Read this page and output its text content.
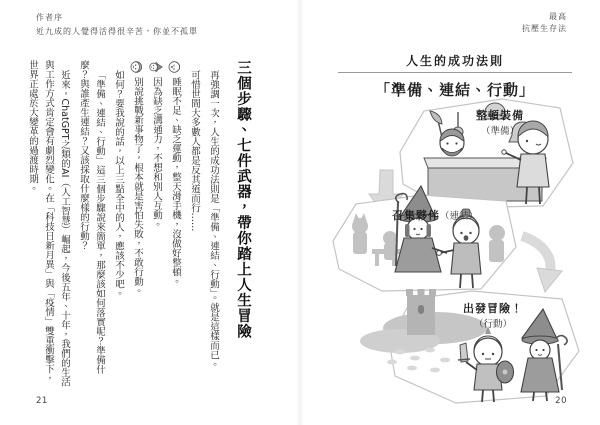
作者序
近九成的人覺得活得很辛苦，你並不孤單

三個步驟、七件武器，帶你踏上人生冒險

再強調一次，人生的成功法則是「準備、連結、行動」。就是這樣而已。

可惜世間大多數人都是反其道而行……

睡眠不足、缺乏運動，整天滑手機，沒做好整頓。

因為缺乏溝通力，不想和別人互動。

別說挑戰新事物了，根本就是害怕失敗，不敢行動。

如何？要我說的話，以上三點全中的人，應該不少吧。

「準備、連結、行動」這三個步驟說來簡單，那麼該如何落實呢？準備什麼？與誰產生連結？又該採取什麼樣的行動？

近來，ChatGPT之類的AI（人工智慧）崛起，今後五年、十年，我們的生活與工作方式肯定會有劇烈變化。在「科技日新月異」與「疫情」雙重衝擊下，世界正處於大變革的過渡時期。

21
最高
抗壓生存法
人生的成功法則
「準備、連結、行動」
整頓裝備
（準備）
召集夥伴（連結）
出發冒險！
（行動）
20
